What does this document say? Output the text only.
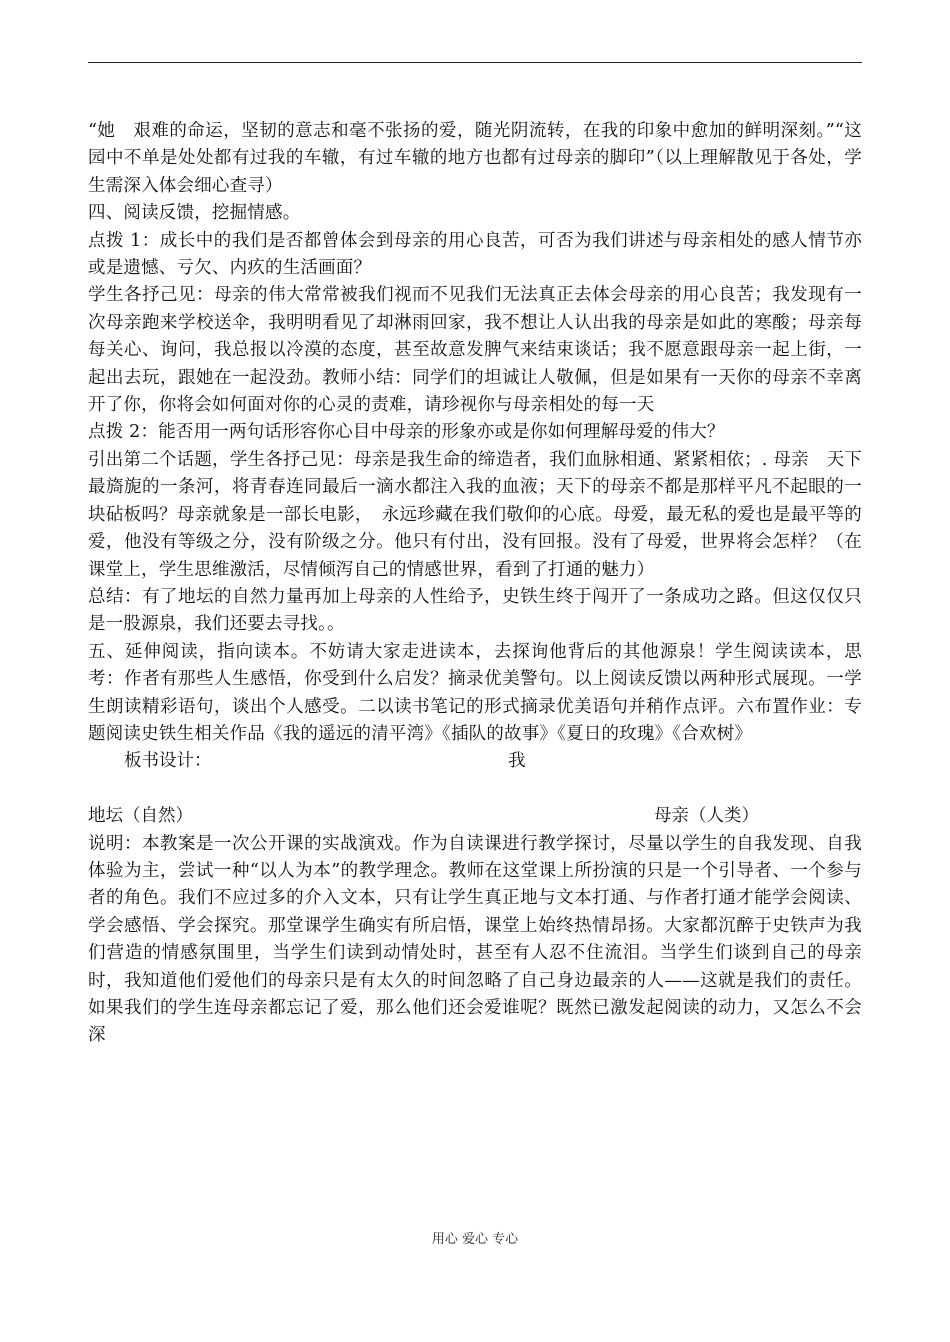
“她　艰难的命运，坚韧的意志和毫不张扬的爱，随光阴流转，在我的印象中愈加的鲜明深刻。”“这园中不单是处处都有过我的车辙，有过车辙的地方也都有过母亲的脚印”（以上理解散见于各处，学生需深入体会细心查寻）

四、阅读反馈，挖掘情感。

点拨 1：成长中的我们是否都曾体会到母亲的用心良苦，可否为我们讲述与母亲相处的感人情节亦或是遗憾、亏欠、内疚的生活画面？

学生各抒己见：母亲的伟大常常被我们视而不见我们无法真正去体会母亲的用心良苦；我发现有一次母亲跑来学校送伞，我明明看见了却淋雨回家，我不想让人认出我的母亲是如此的寒酸；母亲每每关心、询问，我总报以冷漠的态度，甚至故意发脾气来结束谈话；我不愿意跟母亲一起上街，一起出去玩，跟她在一起没劲。教师小结：同学们的坦诚让人敬佩，但是如果有一天你的母亲不幸离开了你，你将会如何面对你的心灵的责难，请珍视你与母亲相处的每一天

点拨 2：能否用一两句话形容你心目中母亲的形象亦或是你如何理解母爱的伟大？

引出第二个话题，学生各抒己见：母亲是我生命的缔造者，我们血脉相通、紧紧相依；. 母亲　天下最旖旎的一条河，将青春连同最后一滴水都注入我的血液；天下的母亲不都是那样平凡不起眼的一块砧板吗？母亲就象是一部长电影，　永远珍藏在我们敬仰的心底。母爱，最无私的爱也是最平等的爱，他没有等级之分，没有阶级之分。他只有付出，没有回报。没有了母爱，世界将会怎样？（在课堂上，学生思维激活，尽情倾泻自己的情感世界，看到了打通的魅力）

总结：有了地坛的自然力量再加上母亲的人性给予，史铁生终于闯开了一条成功之路。但这仅仅只是一股源泉，我们还要去寻找。。

五、延伸阅读，指向读本。不妨请大家走进读本，去探询他背后的其他源泉！学生阅读读本，思考：作者有那些人生感悟，你受到什么启发？摘录优美警句。以上阅读反馈以两种形式展现。一学生朗读精彩语句，谈出个人感受。二以读书笔记的形式摘录优美语句并稍作点评。六布置作业：专题阅读史铁生相关作品《我的遥远的清平湾》《插队的故事》《夏日的玫瑰》《合欢树》

板书设计：	我
地坛（自然）	母亲（人类）

说明：本教案是一次公开课的实战演戏。作为自读课进行教学探讨，尽量以学生的自我发现、自我体验为主，尝试一种“以人为本”的教学理念。教师在这堂课上所扮演的只是一个引导者、一个参与者的角色。我们不应过多的介入文本，只有让学生真正地与文本打通、与作者打通才能学会阅读、学会感悟、学会探究。那堂课学生确实有所启悟，课堂上始终热情昂扬。大家都沉醉于史铁声为我们营造的情感氛围里，当学生们读到动情处时，甚至有人忍不住流泪。当学生们谈到自己的母亲时，我知道他们爱他们的母亲只是有太久的时间忽略了自己身边最亲的人——这就是我们的责任。如果我们的学生连母亲都忘记了爱，那么他们还会爱谁呢？既然已激发起阅读的动力，又怎么不会深

用心 爱心 专心
